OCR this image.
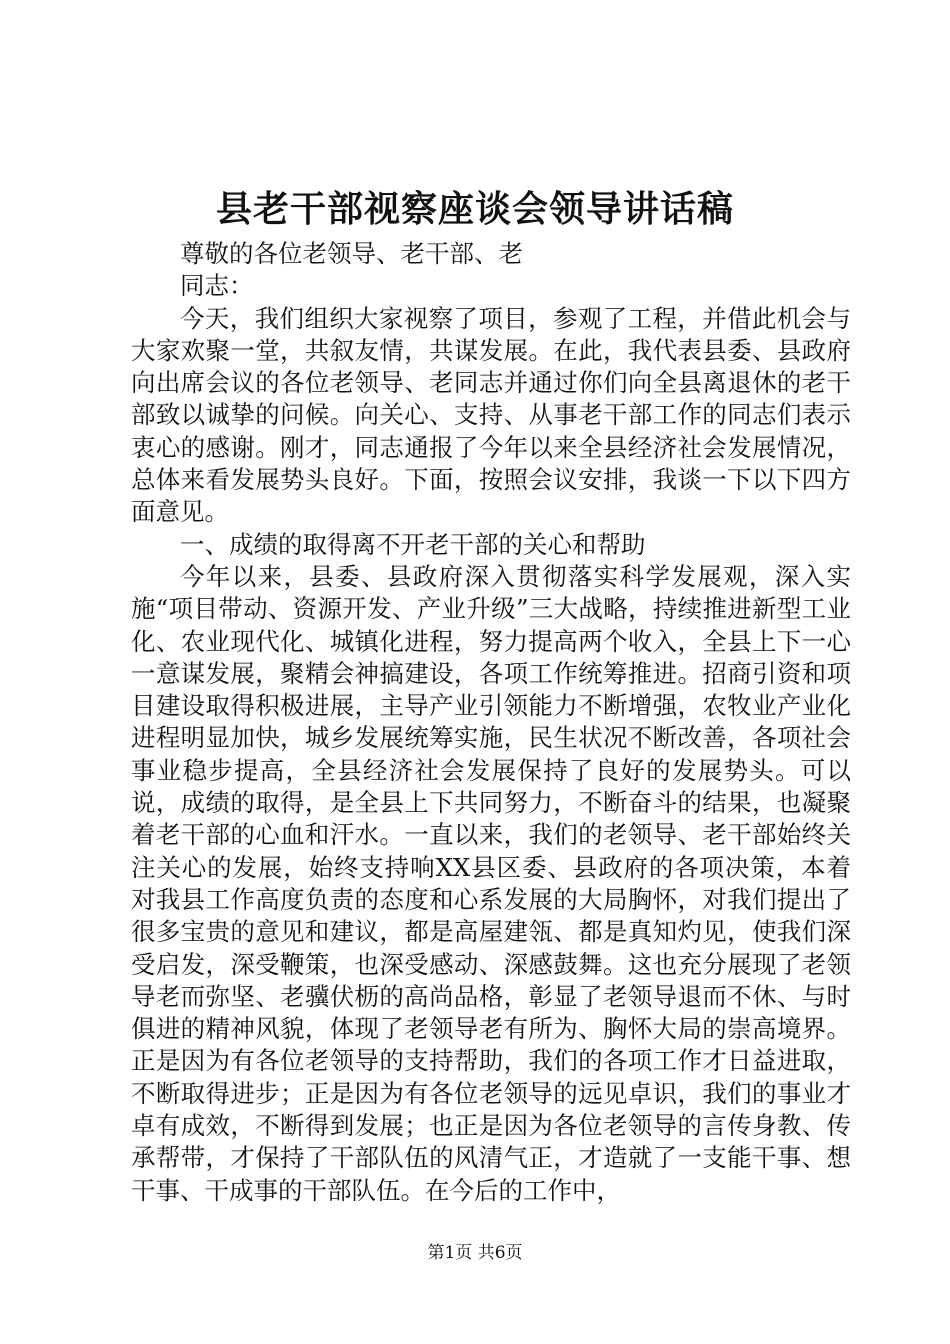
县老干部视察座谈会领导讲话稿

尊敬的各位老领导、老干部、老

同志：

今天，我们组织大家视察了项目，参观了工程，并借此机会与大家欢聚一堂，共叙友情，共谋发展。在此，我代表县委、县政府向出席会议的各位老领导、老同志并通过你们向全县离退休的老干部致以诚挚的问候。向关心、支持、从事老干部工作的同志们表示衷心的感谢。刚才，同志通报了今年以来全县经济社会发展情况，总体来看发展势头良好。下面，按照会议安排，我谈一下以下四方面意见。

一、成绩的取得离不开老干部的关心和帮助

今年以来，县委、县政府深入贯彻落实科学发展观，深入实施“项目带动、资源开发、产业升级”三大战略，持续推进新型工业化、农业现代化、城镇化进程，努力提高两个收入，全县上下一心一意谋发展，聚精会神搞建设，各项工作统筹推进。招商引资和项目建设取得积极进展，主导产业引领能力不断增强，农牧业产业化进程明显加快，城乡发展统筹实施，民生状况不断改善，各项社会事业稳步提高，全县经济社会发展保持了良好的发展势头。可以说，成绩的取得，是全县上下共同努力，不断奋斗的结果，也凝聚着老干部的心血和汗水。一直以来，我们的老领导、老干部始终关注关心的发展，始终支持响XX县区委、县政府的各项决策，本着对我县工作高度负责的态度和心系发展的大局胸怀，对我们提出了很多宝贵的意见和建议，都是高屋建瓴、都是真知灼见，使我们深受启发，深受鞭策，也深受感动、深感鼓舞。这也充分展现了老领导老而弥坚、老骥伏枥的高尚品格，彰显了老领导退而不休、与时俱进的精神风貌，体现了老领导老有所为、胸怀大局的崇高境界。正是因为有各位老领导的支持帮助，我们的各项工作才日益进取，不断取得进步；正是因为有各位老领导的远见卓识，我们的事业才卓有成效，不断得到发展；也正是因为各位老领导的言传身教、传承帮带，才保持了干部队伍的风清气正，才造就了一支能干事、想干事、干成事的干部队伍。在今后的工作中，

第1页 共6页
